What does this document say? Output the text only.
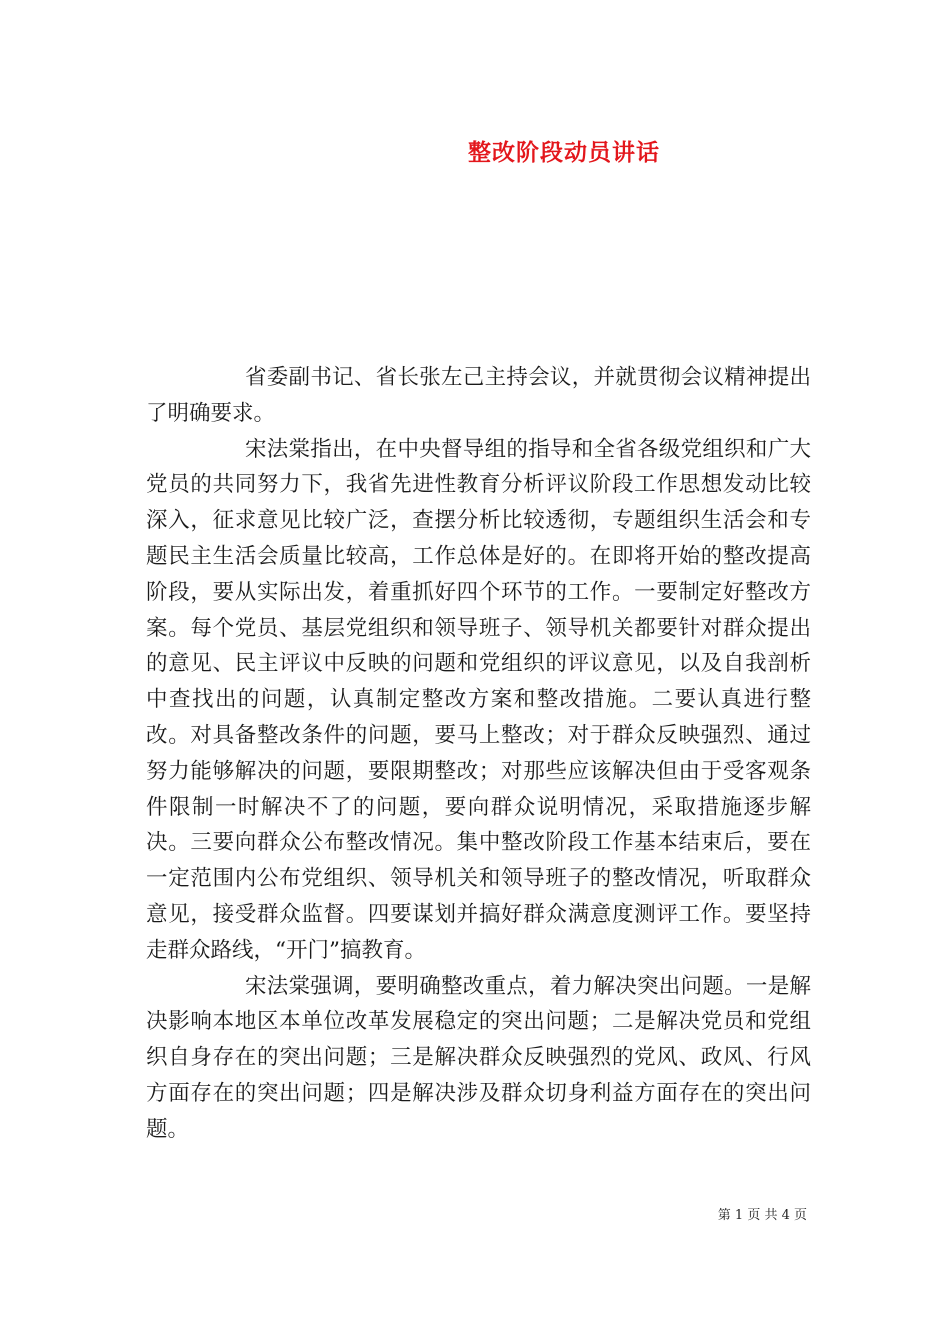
整改阶段动员讲话

省委副书记、省长张左己主持会议，并就贯彻会议精神提出了明确要求。

宋法棠指出，在中央督导组的指导和全省各级党组织和广大党员的共同努力下，我省先进性教育分析评议阶段工作思想发动比较深入，征求意见比较广泛，查摆分析比较透彻，专题组织生活会和专题民主生活会质量比较高，工作总体是好的。在即将开始的整改提高阶段，要从实际出发，着重抓好四个环节的工作。一要制定好整改方案。每个党员、基层党组织和领导班子、领导机关都要针对群众提出的意见、民主评议中反映的问题和党组织的评议意见，以及自我剖析中查找出的问题，认真制定整改方案和整改措施。二要认真进行整改。对具备整改条件的问题，要马上整改；对于群众反映强烈、通过努力能够解决的问题，要限期整改；对那些应该解决但由于受客观条件限制一时解决不了的问题，要向群众说明情况，采取措施逐步解决。三要向群众公布整改情况。集中整改阶段工作基本结束后，要在一定范围内公布党组织、领导机关和领导班子的整改情况，听取群众意见，接受群众监督。四要谋划并搞好群众满意度测评工作。要坚持走群众路线，“开门”搞教育。

宋法棠强调，要明确整改重点，着力解决突出问题。一是解决影响本地区本单位改革发展稳定的突出问题；二是解决党员和党组织自身存在的突出问题；三是解决群众反映强烈的党风、政风、行风方面存在的突出问题；四是解决涉及群众切身利益方面存在的突出问题。

第 1 页 共 4 页
